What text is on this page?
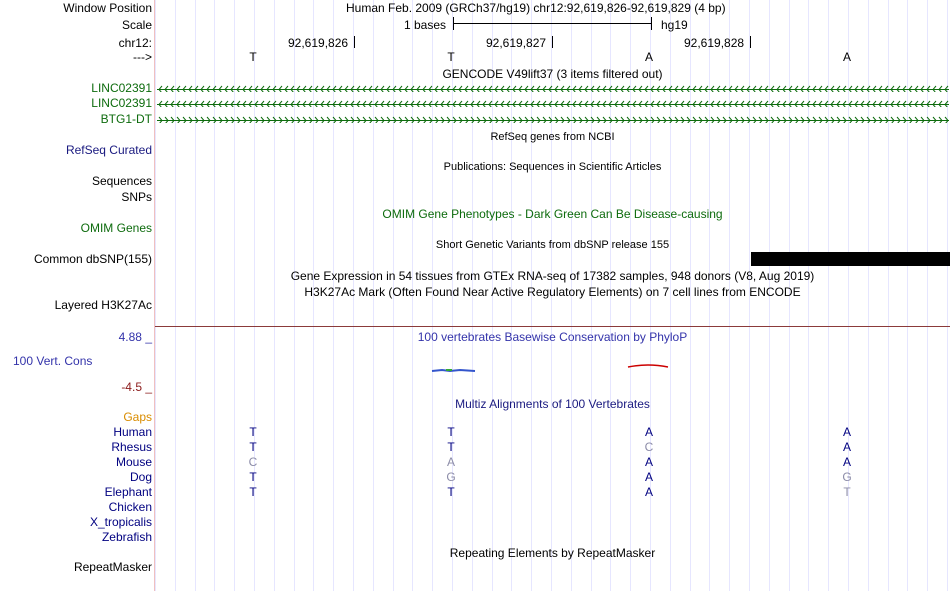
Window Position	Human Feb. 2009 (GRCh37/hg19) chr12:92,619,826-92,619,829 (4 bp)
Scale	1 bases	hg19
chr12:	92,619,826	92,619,827	92,619,828
--->	T	T	A	A
GENCODE V49lift37 (3 items filtered out)
LINC02391
LINC02391
BTG1-DT
RefSeq genes from NCBI
RefSeq Curated
Publications: Sequences in Scientific Articles
Sequences
SNPs
OMIM Gene Phenotypes - Dark Green Can Be Disease-causing
OMIM Genes
Short Genetic Variants from dbSNP release 155
Common dbSNP(155)
Gene Expression in 54 tissues from GTEx RNA-seq of 17382 samples, 948 donors (V8, Aug 2019)
H3K27Ac Mark (Often Found Near Active Regulatory Elements) on 7 cell lines from ENCODE
Layered H3K27Ac
4.88 _	100 vertebrates Basewise Conservation by PhyloP
100 Vert. Cons
-4.5 _
Multiz Alignments of 100 Vertebrates
Gaps
Human	T	T	A	A
Rhesus	T	T	C	A
Mouse	C	A	A	A
Dog	T	G	A	G
Elephant	T	T	A	T
Chicken
X_tropicalis
Zebrafish
Repeating Elements by RepeatMasker
RepeatMasker
